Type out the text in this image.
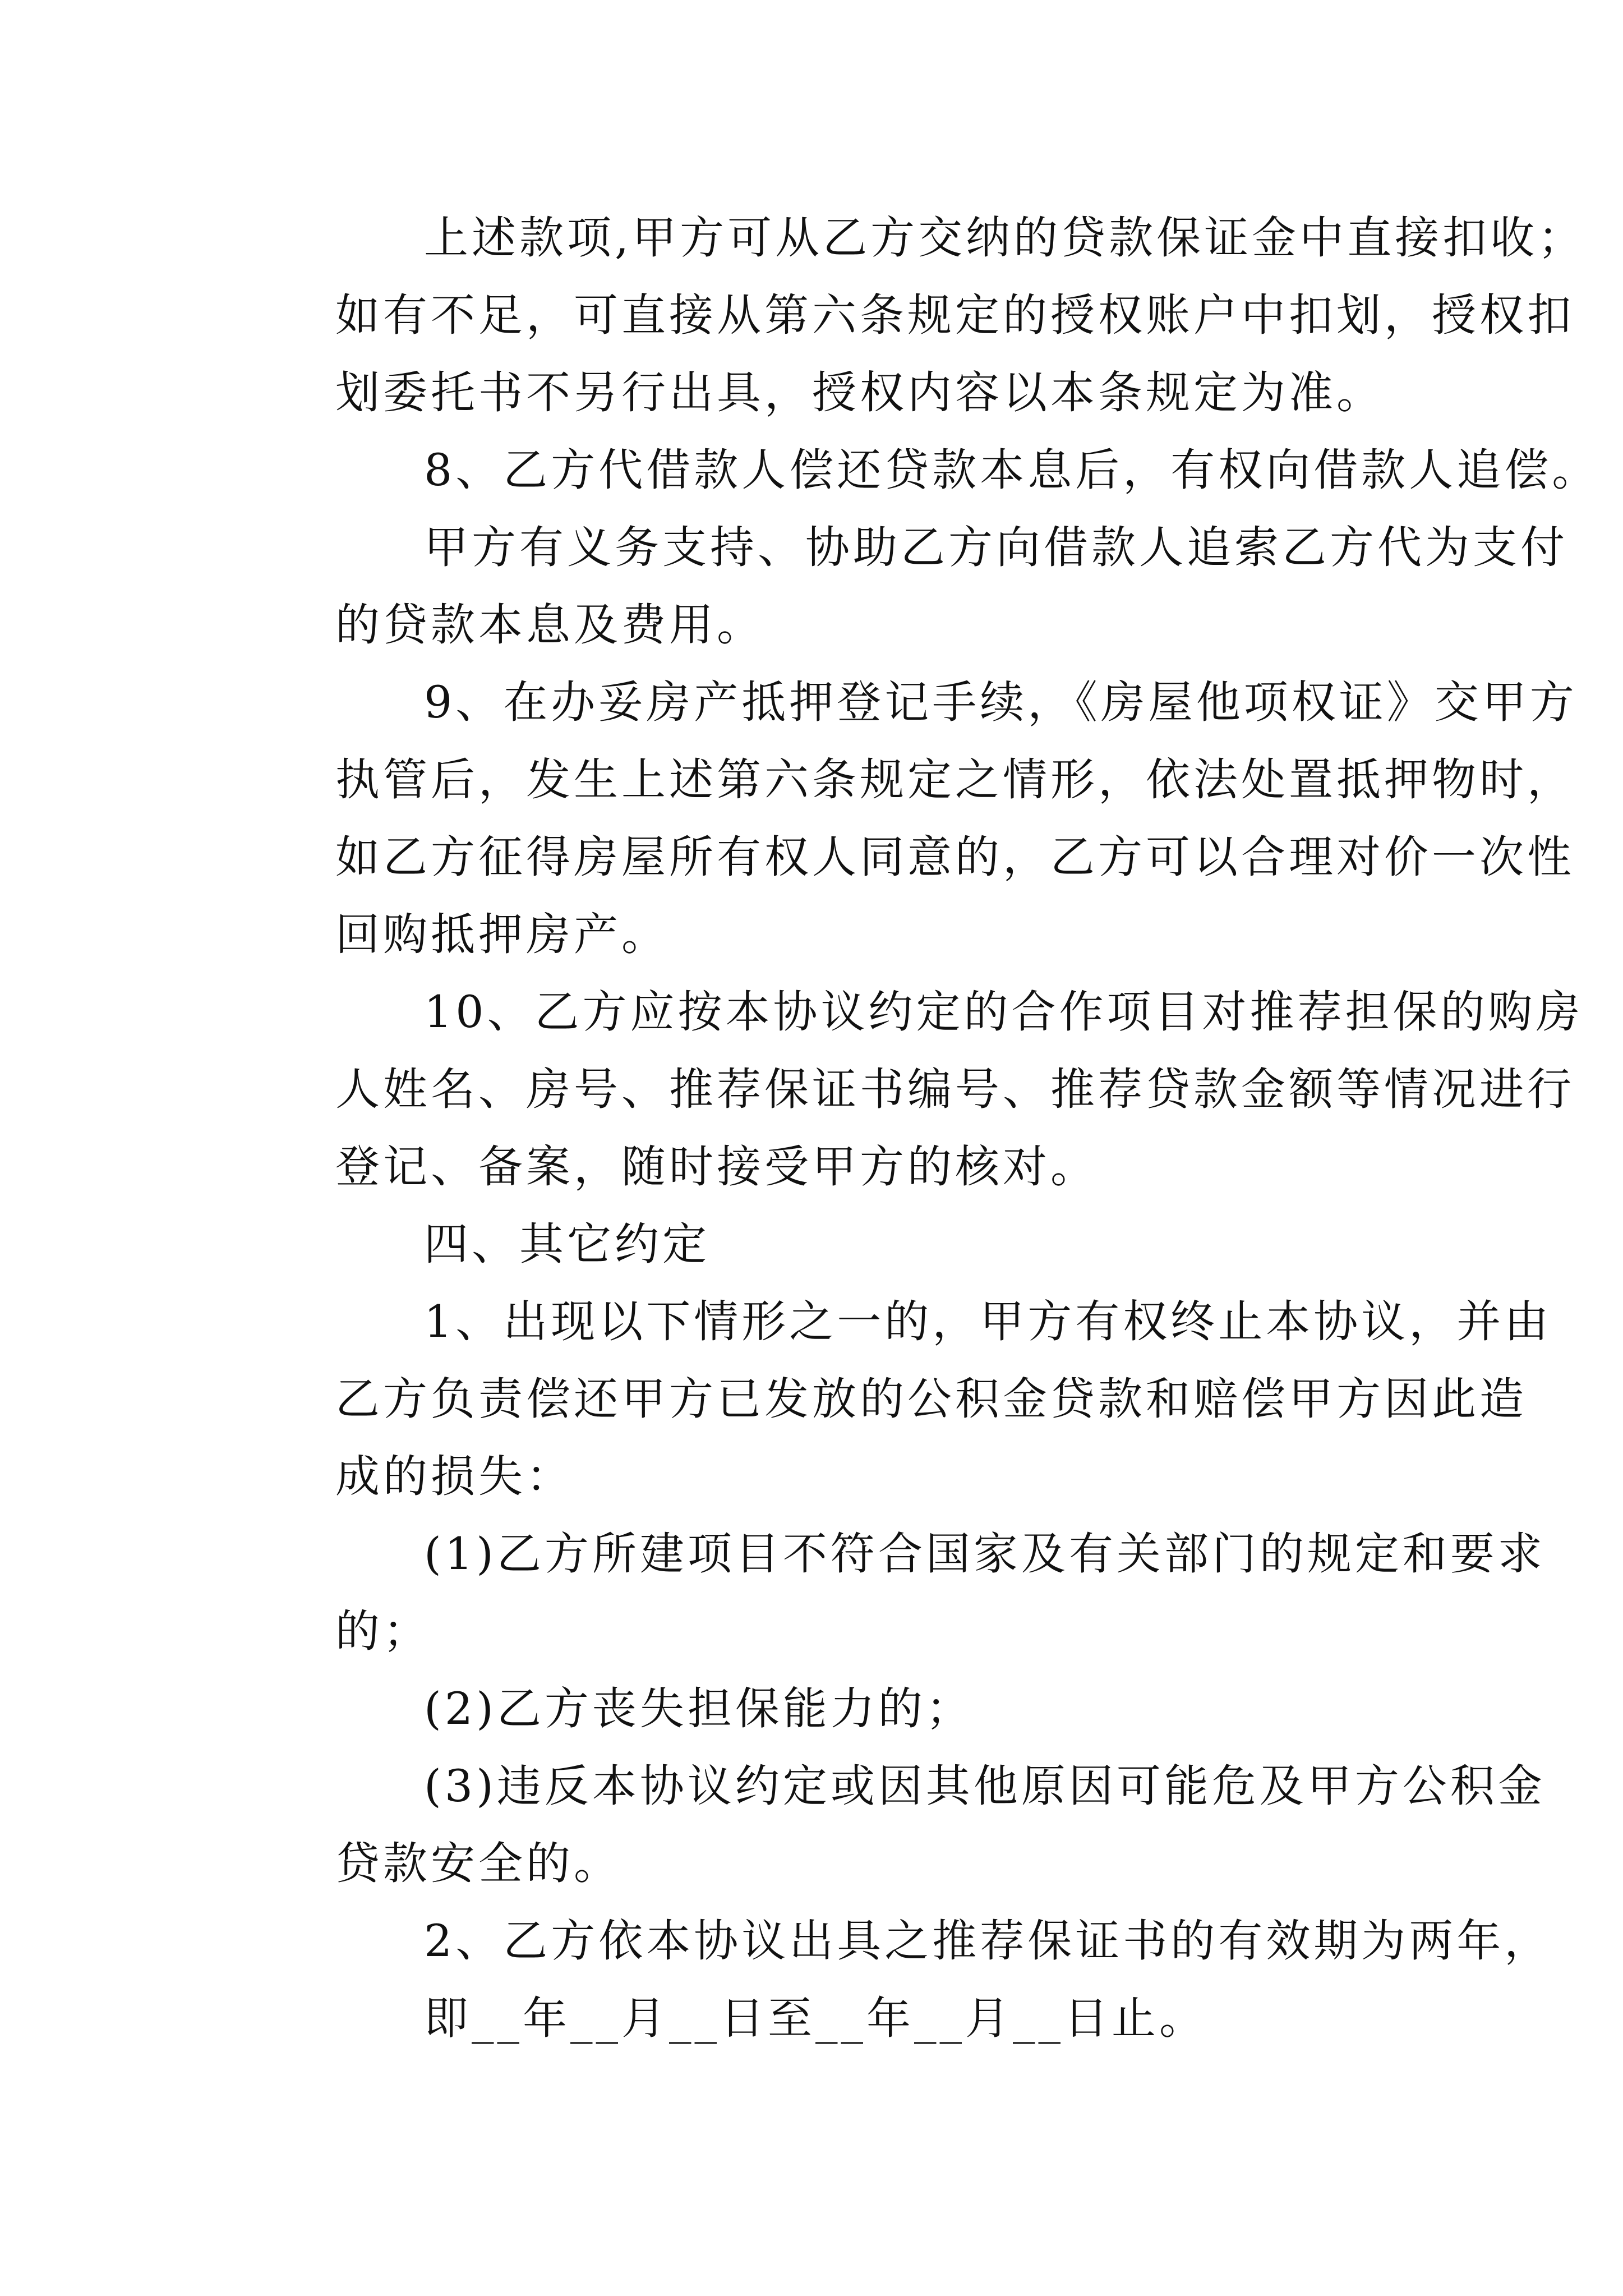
上述款项,甲方可从乙方交纳的贷款保证金中直接扣收；
如有不足，可直接从第六条规定的授权账户中扣划，授权扣
划委托书不另行出具，授权内容以本条规定为准。

8、乙方代借款人偿还贷款本息后，有权向借款人追偿。

甲方有义务支持、协助乙方向借款人追索乙方代为支付
的贷款本息及费用。

9、在办妥房产抵押登记手续，《房屋他项权证》交甲方
执管后，发生上述第六条规定之情形，依法处置抵押物时，
如乙方征得房屋所有权人同意的，乙方可以合理对价一次性
回购抵押房产。

10、乙方应按本协议约定的合作项目对推荐担保的购房
人姓名、房号、推荐保证书编号、推荐贷款金额等情况进行
登记、备案，随时接受甲方的核对。

四、其它约定

1、出现以下情形之一的，甲方有权终止本协议，并由
乙方负责偿还甲方已发放的公积金贷款和赔偿甲方因此造
成的损失：

(1)乙方所建项目不符合国家及有关部门的规定和要求
的；

(2)乙方丧失担保能力的；

(3)违反本协议约定或因其他原因可能危及甲方公积金
贷款安全的。

2、乙方依本协议出具之推荐保证书的有效期为两年，

即__年__月__日至__年__月__日止。
